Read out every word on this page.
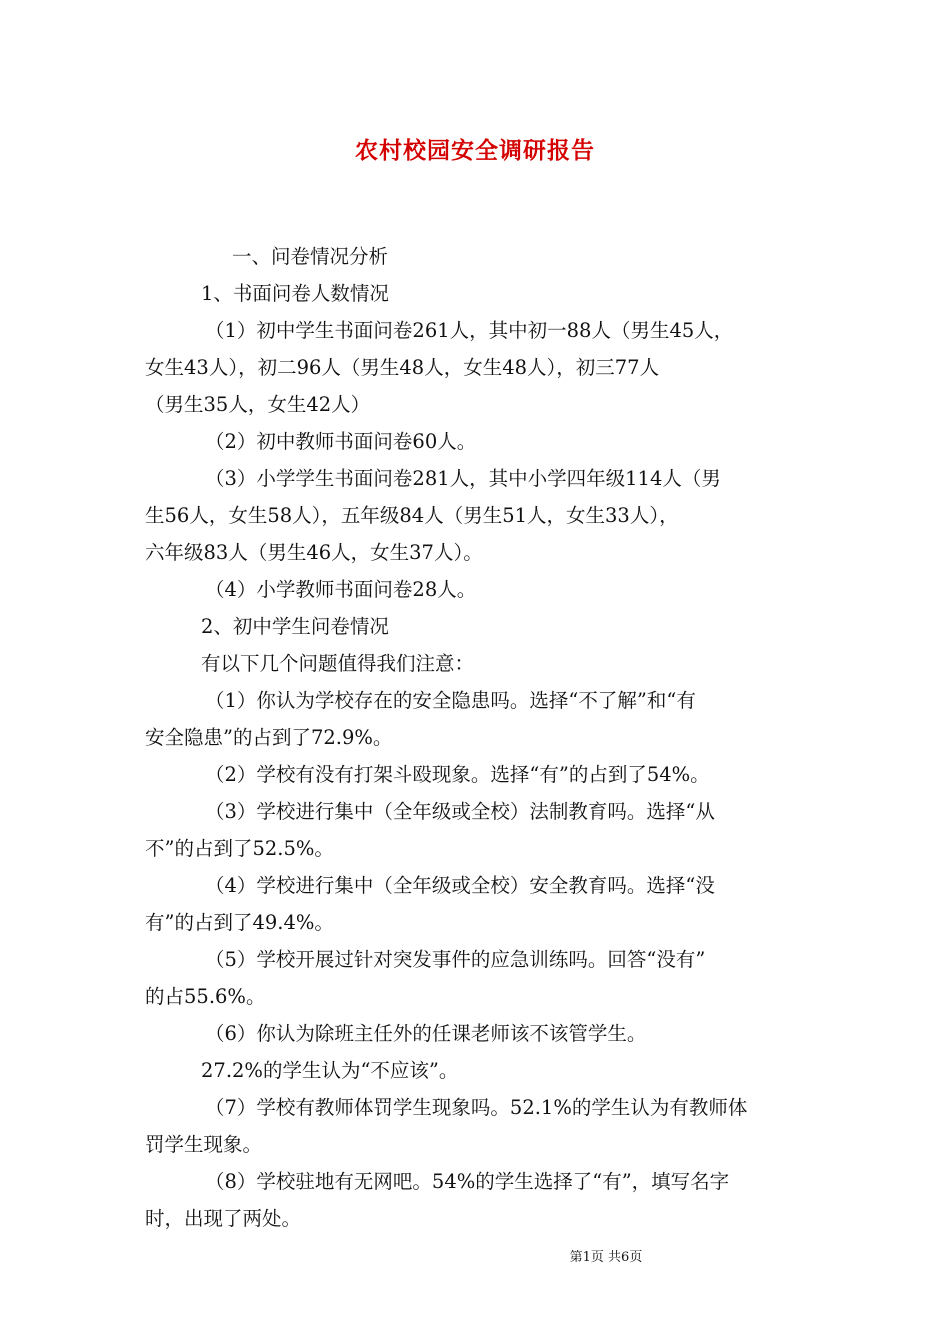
农村校园安全调研报告

一、问卷情况分析

1、书面问卷人数情况

（1）初中学生书面问卷261人，其中初一88人（男生45人，

女生43人），初二96人（男生48人，女生48人），初三77人

（男生35人，女生42人）

（2）初中教师书面问卷60人。

（3）小学学生书面问卷281人，其中小学四年级114人（男

生56人，女生58人），五年级84人（男生51人，女生33人），

六年级83人（男生46人，女生37人）。

（4）小学教师书面问卷28人。

2、初中学生问卷情况

有以下几个问题值得我们注意：

（1）你认为学校存在的安全隐患吗。选择“不了解”和“有

安全隐患”的占到了72.9%。

（2）学校有没有打架斗殴现象。选择“有”的占到了54%。

（3）学校进行集中（全年级或全校）法制教育吗。选择“从

不”的占到了52.5%。

（4）学校进行集中（全年级或全校）安全教育吗。选择“没

有”的占到了49.4%。

（5）学校开展过针对突发事件的应急训练吗。回答“没有”

的占55.6%。

（6）你认为除班主任外的任课老师该不该管学生。

27.2%的学生认为“不应该”。

（7）学校有教师体罚学生现象吗。52.1%的学生认为有教师体

罚学生现象。

（8）学校驻地有无网吧。54%的学生选择了“有”，填写名字

时，出现了两处。

第1页 共6页
